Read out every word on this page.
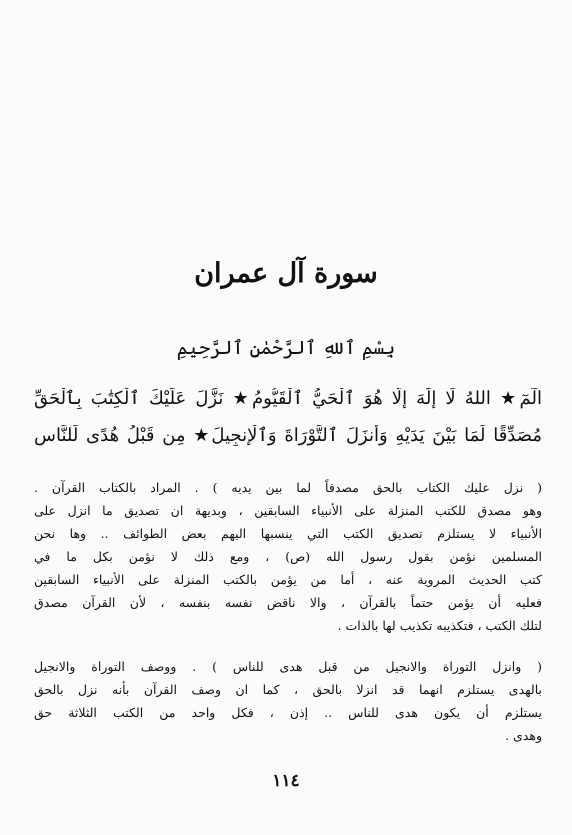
سورة آل عمران
بِسْمِ ٱللهِ ٱلرَّحْمٰنِ ٱلرَّحِيمِ
الٓمٓ★ اللهُ لَا إِلَٰهَ إِلَّا هُوَ ٱلْحَيُّ ٱلْقَيُّومُ★ نَزَّلَ عَلَيْكَ ٱلْكِتَٰبَ بِٱلْحَقِّ
مُصَدِّقًا لِّمَا بَيْنَ يَدَيْهِ وَأَنزَلَ ٱلتَّوْرَاةَ وَٱلْإِنجِيلَ★ مِن قَبْلُ هُدًى لِّلنَّاسِ
( نزل عليك الكتاب بالحق مصدقاً لما بين يديه ) . المراد بالكتاب القرآن .
وهو مصدق للكتب المنزلة على الأنبياء السابقين ، وبديهة ان تصديق ما انزل على
الأنبياء لا يستلزم تصديق الكتب التي ينسبها اليهم بعض الطوائف .. وها نحن
المسلمين نؤمن بقول رسول الله (ص) ، ومع ذلك لا نؤمن بكل ما في
كتب الحديث المروية عنه ، أما من يؤمن بالكتب المنزلة على الأنبياء السابقين
فعليه أن يؤمن حتماً بالقرآن ، والا ناقض نفسه بنفسه ، لأن القرآن مصدق
لتلك الكتب ، فتكذيبه تكذيب لها بالذات .
( وانزل التوراة والانجيل من قبل هدى للناس ) . ووصف التوراة والانجيل
بالهدى يستلزم انهما قد انزلا بالحق ، كما ان وصف القرآن بأنه نزل بالحق
يستلزم أن يكون هدى للناس .. إذن ، فكل واحد من الكتب الثلاثة حق
وهدى .
١١٤
